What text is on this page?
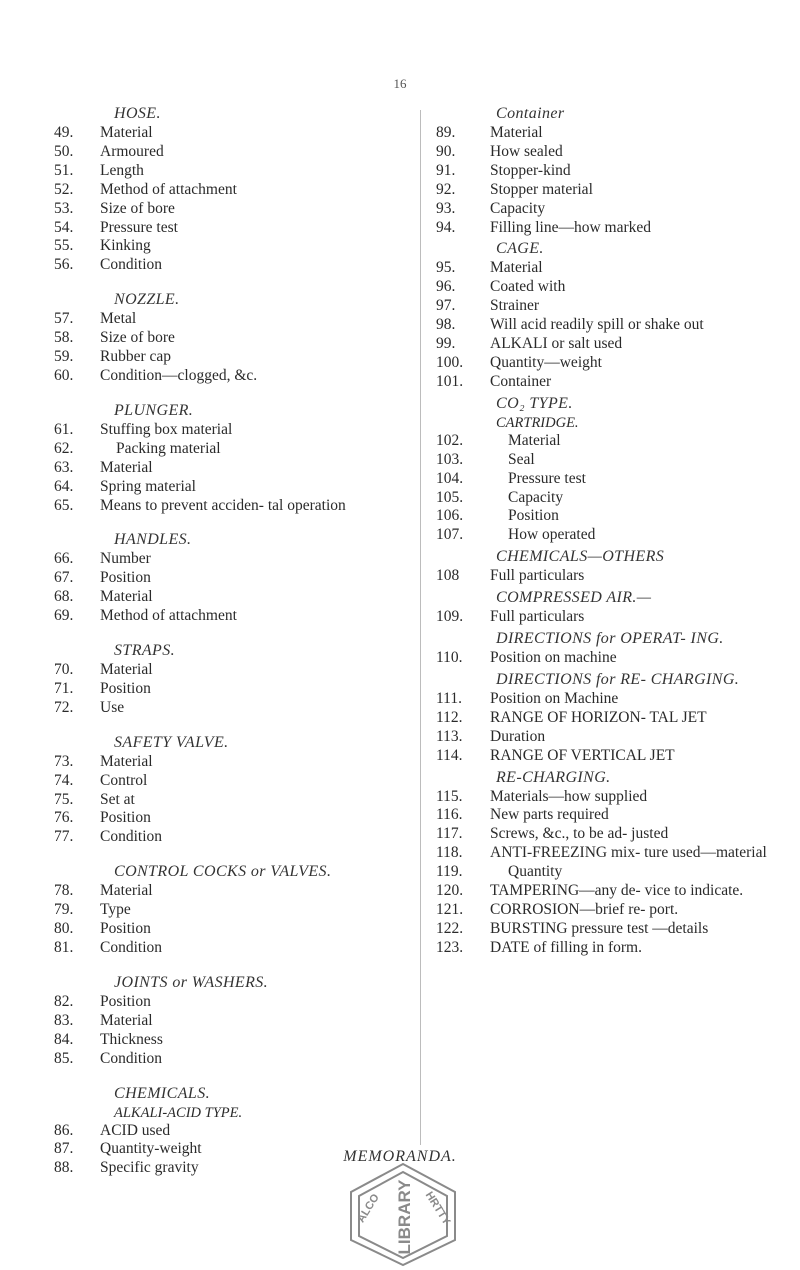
16
HOSE.
49.	Material
50.	Armoured
51.	Length
52.	Method of attachment
53.	Size of bore
54.	Pressure test
55.	Kinking
56.	Condition
NOZZLE.
57.	Metal
58.	Size of bore
59.	Rubber cap
60.	Condition—clogged, &c.
PLUNGER.
61.	Stuffing box material
62.	Packing material
63.	Material
64.	Spring material
65.	Means to prevent acciden- tal operation
HANDLES.
66.	Number
67.	Position
68.	Material
69.	Method of attachment
STRAPS.
70.	Material
71.	Position
72.	Use
SAFETY VALVE.
73.	Material
74.	Control
75.	Set at
76.	Position
77.	Condition
CONTROL COCKS or VALVES.
78.	Material
79.	Type
80.	Position
81.	Condition
JOINTS or WASHERS.
82.	Position
83.	Material
84.	Thickness
85.	Condition
CHEMICALS.
ALKALI-ACID TYPE.
86.	ACID used
87.	Quantity-weight
88.	Specific gravity
Container
89.	Material
90.	How sealed
91.	Stopper-kind
92.	Stopper material
93.	Capacity
94.	Filling line—how marked
CAGE.
95.	Material
96.	Coated with
97.	Strainer
98.	Will acid readily spill or shake out
99.	ALKALI or salt used
100.	Quantity—weight
101.	Container
CO₂ TYPE.
CARTRIDGE.
102.	Material
103.	Seal
104.	Pressure test
105.	Capacity
106.	Position
107.	How operated
CHEMICALS—OTHERS
108	Full particulars
COMPRESSED AIR.—
109.	Full particulars
DIRECTIONS for OPERAT- ING.
110.	Position on machine
DIRECTIONS for RE- CHARGING.
111.	Position on Machine
112.	RANGE OF HORIZON- TAL JET
113.	Duration
114.	RANGE OF VERTICAL JET
RE-CHARGING.
115.	Materials—how supplied
116.	New parts required
117.	Screws, &c., to be ad- justed
118.	ANTI-FREEZING mix- ture used—material
119.	Quantity
120.	TAMPERING—any de- vice to indicate.
121.	CORROSION—brief re- port.
122.	BURSTING pressure test —details
123.	DATE of filling in form.
MEMORANDA.
LIBRARY
ALCO	HRTTY
